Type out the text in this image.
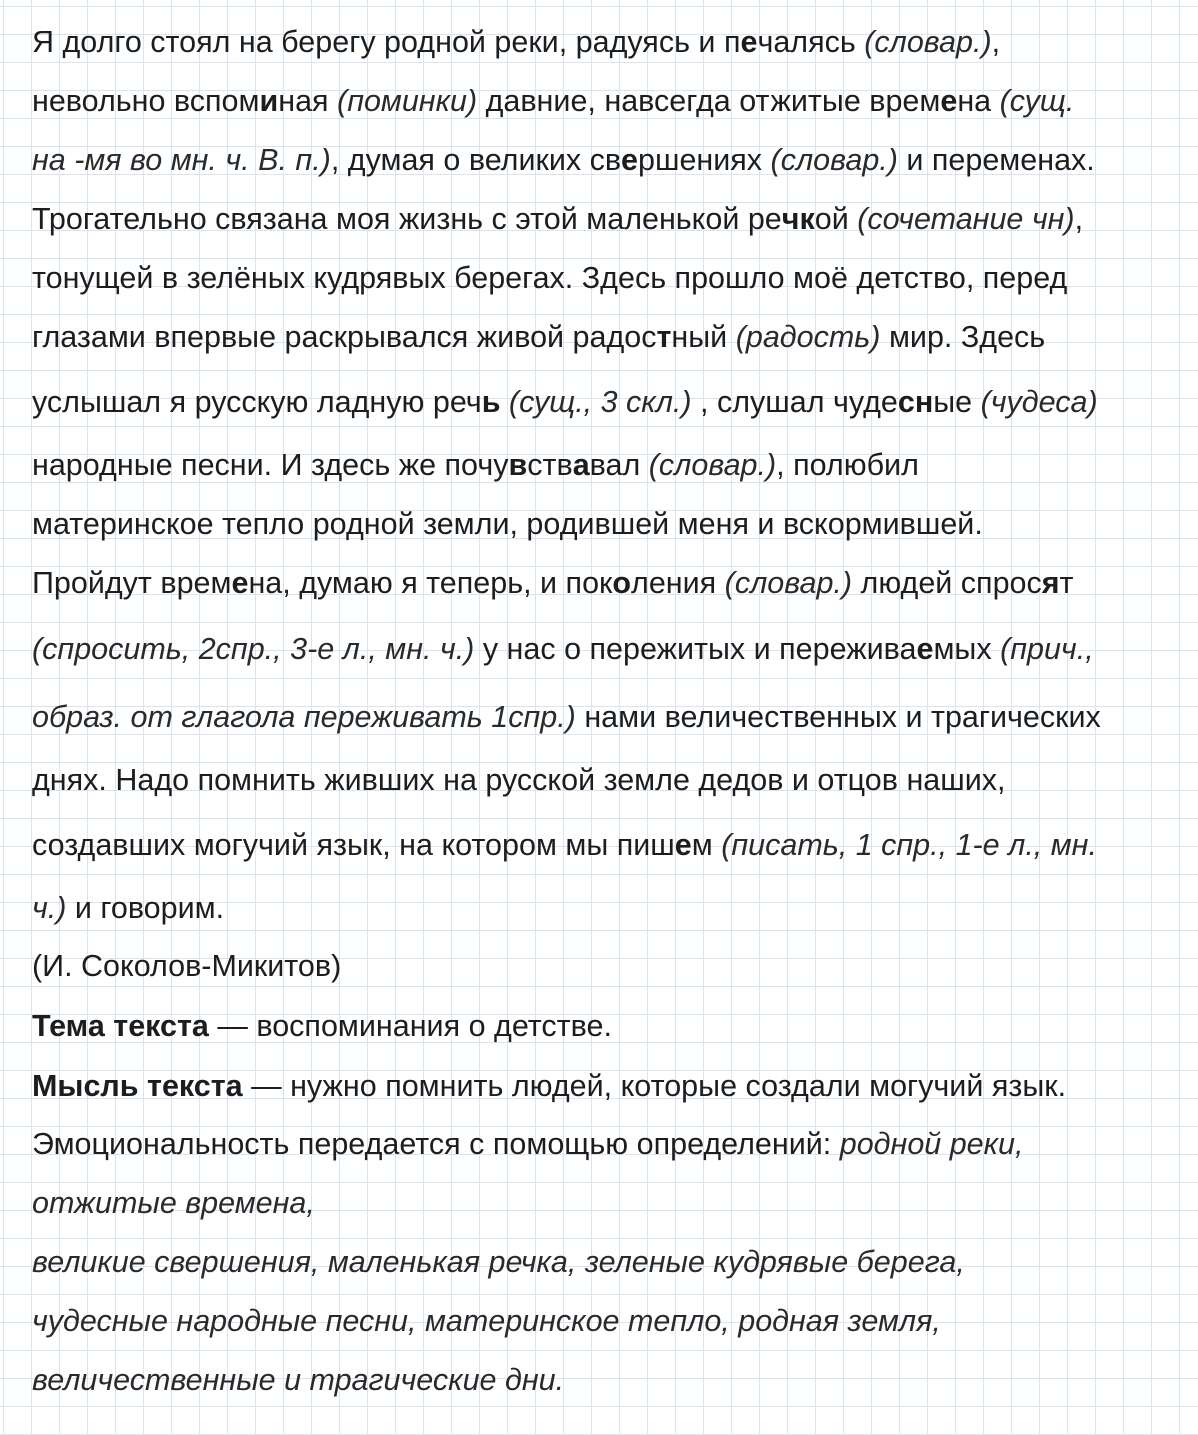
Я долго стоял на берегу родной реки, радуясь и печалясь (словар.),
невольно вспоминая (поминки) давние, навсегда отжитые времена (сущ.
на -мя во мн. ч. В. п.), думая о великих свершениях (словар.) и переменах.
Трогательно связана моя жизнь с этой маленькой речкой (сочетание чн),
тонущей в зелёных кудрявых берегах. Здесь прошло моё детство, перед
глазами впервые раскрывался живой радостный (радость) мир. Здесь
услышал я русскую ладную речь (сущ., 3 скл.) , слушал чудесные (чудеса)
народные песни. И здесь же почувствавал (словар.), полюбил
материнское тепло родной земли, родившей меня и вскормившей.
Пройдут времена, думаю я теперь, и поколения (словар.) людей спросят
(спросить, 2спр., 3-е л., мн. ч.) у нас о пережитых и переживаемых (прич.,
образ. от глагола переживать 1спр.) нами величественных и трагических
днях. Надо помнить живших на русской земле дедов и отцов наших,
создавших могучий язык, на котором мы пишем (писать, 1 спр., 1-е л., мн.
ч.) и говорим.
(И. Соколов-Микитов)
Тема текста — воспоминания о детстве.
Мысль текста — нужно помнить людей, которые создали могучий язык.
Эмоциональность передается с помощью определений: родной реки,
отжитые времена,
великие свершения, маленькая речка, зеленые кудрявые берега,
чудесные народные песни, материнское тепло, родная земля,
величественные и трагические дни.
